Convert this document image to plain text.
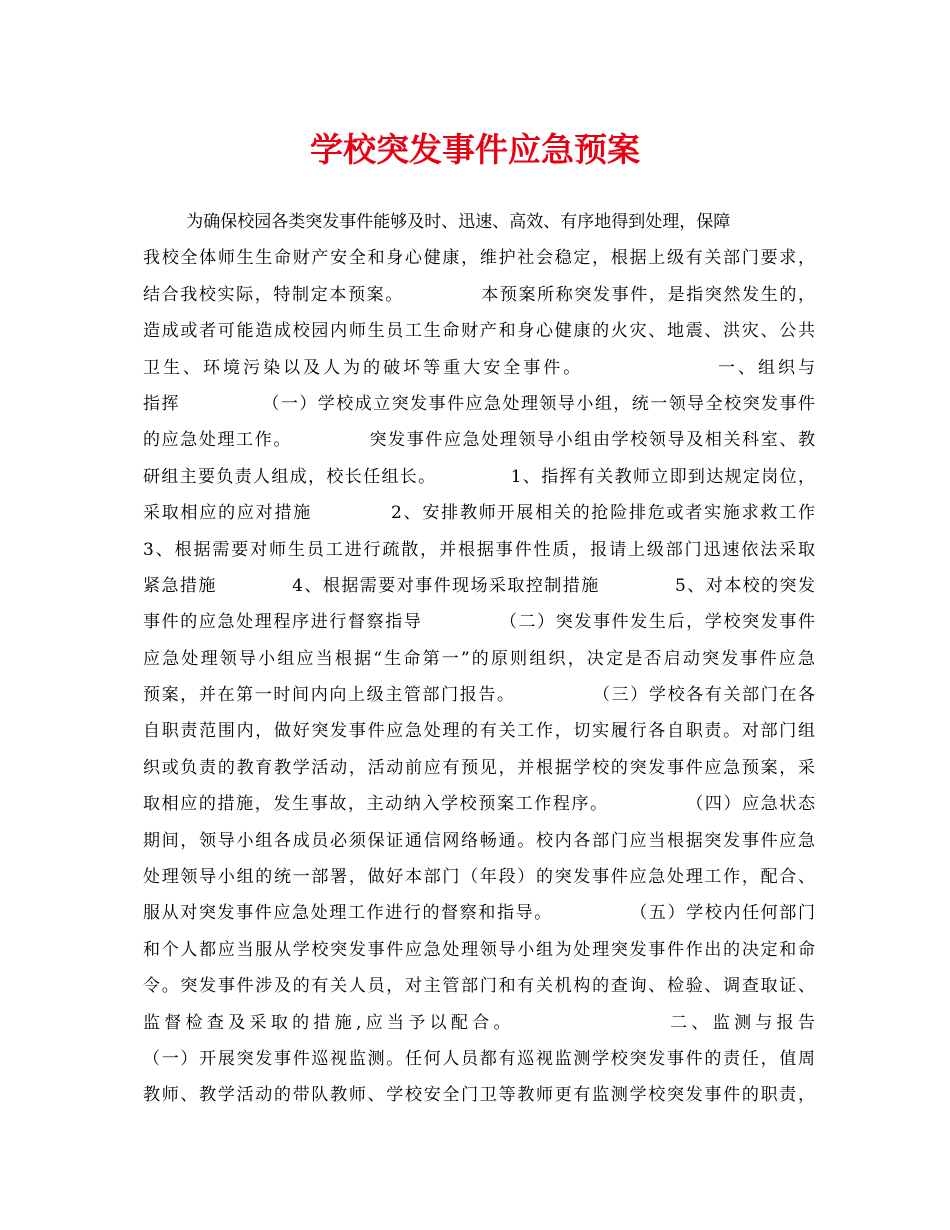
学校突发事件应急预案
为确保校园各类突发事件能够及时、迅速、高效、有序地得到处理，保障
我校全体师生生命财产安全和身心健康，维护社会稳定，根据上级有关部门要求，
结合我校实际，特制定本预案。           本预案所称突发事件，是指突然发生的，
造成或者可能造成校园内师生员工生命财产和身心健康的火灾、地震、洪灾、公共
卫生、环境污染以及人为的破坏等重大安全事件。                一、组织与
指挥            （一）学校成立突发事件应急处理领导小组，统一领导全校突发事件
的应急处理工作。           突发事件应急处理领导小组由学校领导及相关科室、教
研组主要负责人组成，校长任组长。           1、指挥有关教师立即到达规定岗位，
采取相应的应对措施           2、安排教师开展相关的抢险排危或者实施求救工作
3、根据需要对师生员工进行疏散，并根据事件性质，报请上级部门迅速依法采取
紧急措施           4、根据需要对事件现场采取控制措施           5、对本校的突发
事件的应急处理程序进行督察指导           （二）突发事件发生后，学校突发事件
应急处理领导小组应当根据“生命第一”的原则组织，决定是否启动突发事件应急
预案，并在第一时间内向上级主管部门报告。           （三）学校各有关部门在各
自职责范围内，做好突发事件应急处理的有关工作，切实履行各自职责。对部门组
织或负责的教育教学活动，活动前应有预见，并根据学校的突发事件应急预案，采
取相应的措施，发生事故，主动纳入学校预案工作程序。           （四）应急状态
期间，领导小组各成员必须保证通信网络畅通。校内各部门应当根据突发事件应急
处理领导小组的统一部署，做好本部门（年段）的突发事件应急处理工作，配合、
服从对突发事件应急处理工作进行的督察和指导。           （五）学校内任何部门
和个人都应当服从学校突发事件应急处理领导小组为处理突发事件作出的决定和命
令。突发事件涉及的有关人员，对主管部门和有关机构的查询、检验、调查取证、
监督检查及采取的措施,应当予以配合。                二、监测与报告
（一）开展突发事件巡视监测。任何人员都有巡视监测学校突发事件的责任，值周
教师、教学活动的带队教师、学校安全门卫等教师更有监测学校突发事件的职责，
